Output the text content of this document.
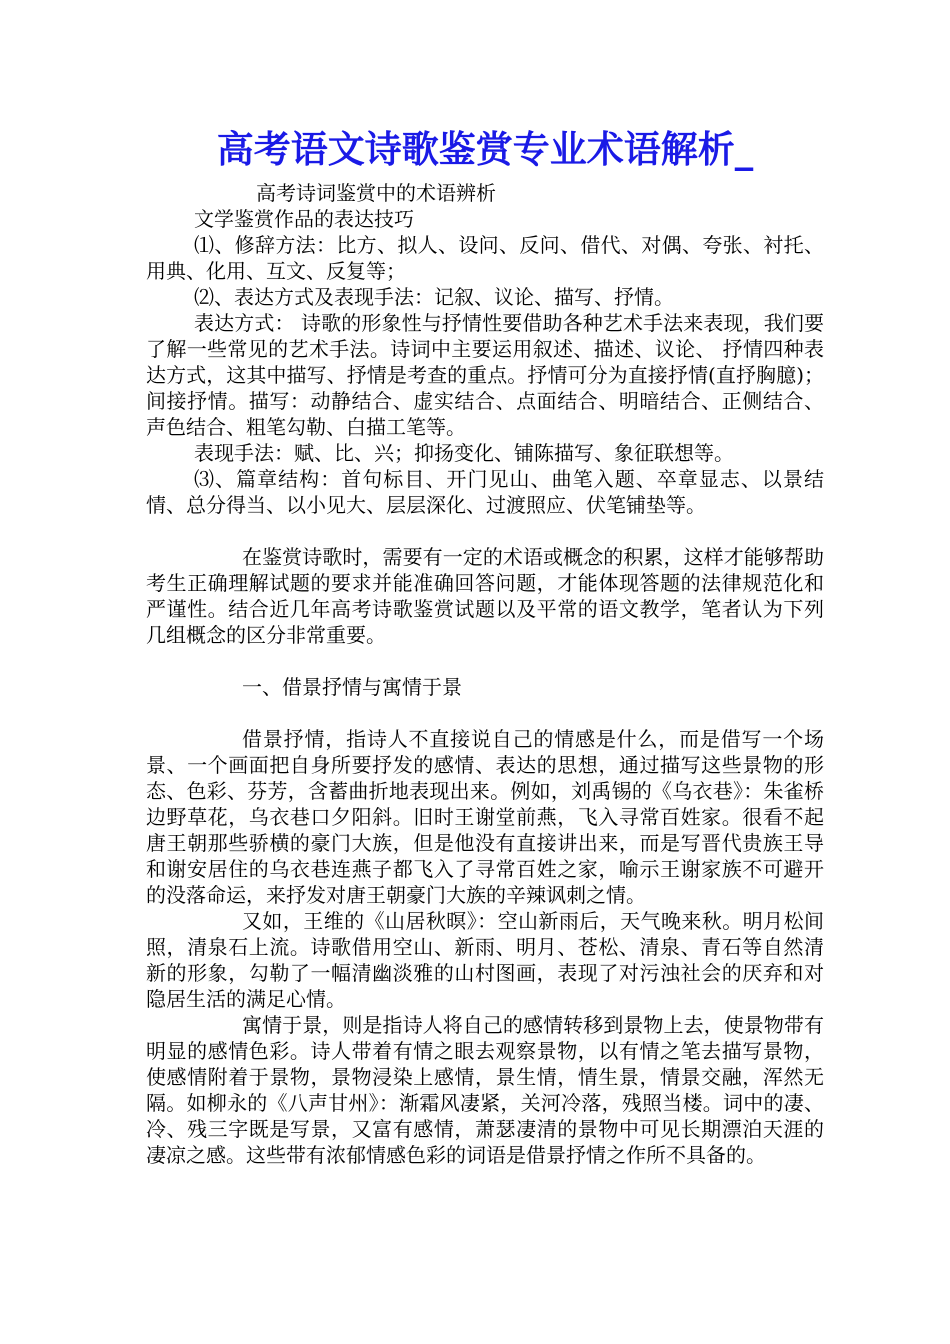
高考语文诗歌鉴赏专业术语解析_

高考诗词鉴赏中的术语辨析

文学鉴赏作品的表达技巧

⑴、修辞方法：比方、拟人、设问、反问、借代、对偶、夸张、衬托、用典、化用、互文、反复等；

⑵、表达方式及表现手法：记叙、议论、描写、抒情。

表达方式： 诗歌的形象性与抒情性要借助各种艺术手法来表现，我们要了解一些常见的艺术手法。诗词中主要运用叙述、描述、议论、 抒情四种表达方式，这其中描写、抒情是考查的重点。抒情可分为直接抒情(直抒胸臆)；间接抒情。描写：动静结合、虚实结合、点面结合、明暗结合、正侧结合、声色结合、粗笔勾勒、白描工笔等。

表现手法：赋、比、兴；抑扬变化、铺陈描写、象征联想等。

⑶、篇章结构：首句标目、开门见山、曲笔入题、卒章显志、以景结情、总分得当、以小见大、层层深化、过渡照应、伏笔铺垫等。

在鉴赏诗歌时，需要有一定的术语或概念的积累，这样才能够帮助考生正确理解试题的要求并能准确回答问题，才能体现答题的法律规范化和严谨性。结合近几年高考诗歌鉴赏试题以及平常的语文教学，笔者认为下列几组概念的区分非常重要。

一、借景抒情与寓情于景

借景抒情，指诗人不直接说自己的情感是什么，而是借写一个场景、一个画面把自身所要抒发的感情、表达的思想，通过描写这些景物的形态、色彩、芬芳，含蓄曲折地表现出来。例如，刘禹锡的《乌衣巷》：朱雀桥边野草花，乌衣巷口夕阳斜。旧时王谢堂前燕，飞入寻常百姓家。很看不起唐王朝那些骄横的豪门大族，但是他没有直接讲出来，而是写晋代贵族王导和谢安居住的乌衣巷连燕子都飞入了寻常百姓之家，喻示王谢家族不可避开的没落命运，来抒发对唐王朝豪门大族的辛辣讽刺之情。

又如，王维的《山居秋暝》：空山新雨后，天气晚来秋。明月松间照，清泉石上流。诗歌借用空山、新雨、明月、苍松、清泉、青石等自然清新的形象，勾勒了一幅清幽淡雅的山村图画，表现了对污浊社会的厌弃和对隐居生活的满足心情。

寓情于景，则是指诗人将自己的感情转移到景物上去，使景物带有明显的感情色彩。诗人带着有情之眼去观察景物，以有情之笔去描写景物，使感情附着于景物，景物浸染上感情，景生情，情生景，情景交融，浑然无隔。如柳永的《八声甘州》：渐霜风凄紧，关河冷落，残照当楼。词中的凄、冷、残三字既是写景，又富有感情，萧瑟凄清的景物中可见长期漂泊天涯的凄凉之感。这些带有浓郁情感色彩的词语是借景抒情之作所不具备的。
